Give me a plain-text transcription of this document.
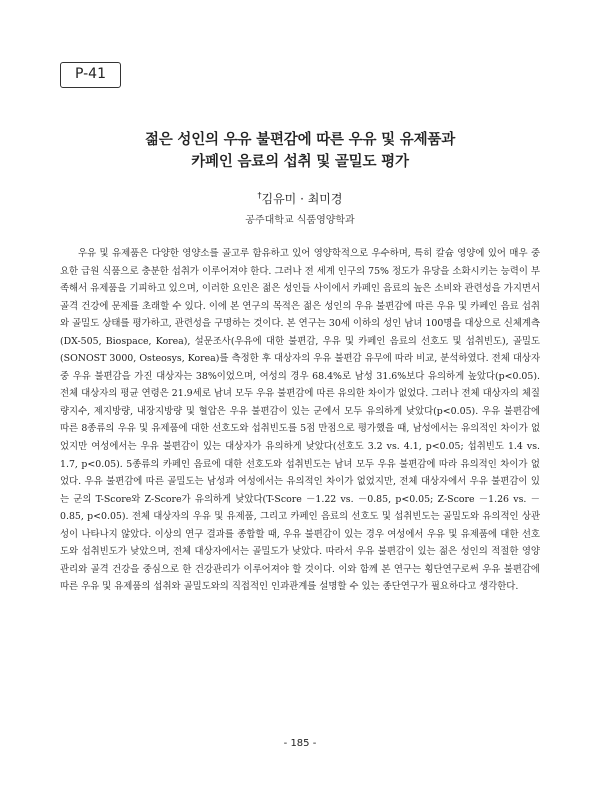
P-41
젊은 성인의 우유 불편감에 따른 우유 및 유제품과
카페인 음료의 섭취 및 골밀도 평가
†김유미 · 최미경
공주대학교 식품영양학과

우유 및 유제품은 다양한 영양소를 골고루 함유하고 있어 영양학적으로 우수하며, 특히 칼슘 영양에 있어 매우 중요한 급원 식품으로 충분한 섭취가 이루어져야 한다. 그러나 전 세계 인구의 75% 정도가 유당을 소화시키는 능력이 부족해서 유제품을 기피하고 있으며, 이러한 요인은 젊은 성인들 사이에서 카페인 음료의 높은 소비와 관련성을 가지면서 골격 건강에 문제를 초래할 수 있다. 이에 본 연구의 목적은 젊은 성인의 우유 불편감에 따른 우유 및 카페인 음료 섭취와 골밀도 상태를 평가하고, 관련성을 구명하는 것이다. 본 연구는 30세 이하의 성인 남녀 100명을 대상으로 신체계측(DX-505, Biospace, Korea), 설문조사(우유에 대한 불편감, 우유 및 카페인 음료의 선호도 및 섭취빈도), 골밀도(SONOST 3000, Osteosys, Korea)를 측정한 후 대상자의 우유 불편감 유무에 따라 비교, 분석하였다. 전체 대상자 중 우유 불편감을 가진 대상자는 38%이었으며, 여성의 경우 68.4%로 남성 31.6%보다 유의하게 높았다(p<0.05). 전체 대상자의 평균 연령은 21.9세로 남녀 모두 우유 불편감에 따른 유의한 차이가 없었다. 그러나 전체 대상자의 체질량지수, 제지방량, 내장지방량 및 혈압은 우유 불편감이 있는 군에서 모두 유의하게 낮았다(p<0.05). 우유 불편감에 따른 8종류의 우유 및 유제품에 대한 선호도와 섭취빈도를 5점 만점으로 평가했을 때, 남성에서는 유의적인 차이가 없었지만 여성에서는 우유 불편감이 있는 대상자가 유의하게 낮았다(선호도 3.2 vs. 4.1, p<0.05; 섭취빈도 1.4 vs. 1.7, p<0.05). 5종류의 카페인 음료에 대한 선호도와 섭취빈도는 남녀 모두 우유 불편감에 따라 유의적인 차이가 없었다. 우유 불편감에 따른 골밀도는 남성과 여성에서는 유의적인 차이가 없었지만, 전체 대상자에서 우유 불편감이 있는 군의 T-Score와 Z-Score가 유의하게 낮았다(T-Score －1.22 vs. －0.85, p<0.05; Z-Score －1.26 vs. －0.85, p<0.05). 전체 대상자의 우유 및 유제품, 그리고 카페인 음료의 선호도 및 섭취빈도는 골밀도와 유의적인 상관성이 나타나지 않았다. 이상의 연구 결과를 종합할 때, 우유 불편감이 있는 경우 여성에서 우유 및 유제품에 대한 선호도와 섭취빈도가 낮았으며, 전체 대상자에서는 골밀도가 낮았다. 따라서 우유 불편감이 있는 젊은 성인의 적절한 영양관리와 골격 건강을 중심으로 한 건강관리가 이루어져야 할 것이다. 이와 함께 본 연구는 횡단연구로써 우유 불편감에 따른 우유 및 유제품의 섭취와 골밀도와의 직접적인 인과관계를 설명할 수 있는 종단연구가 필요하다고 생각한다.

- 185 -
